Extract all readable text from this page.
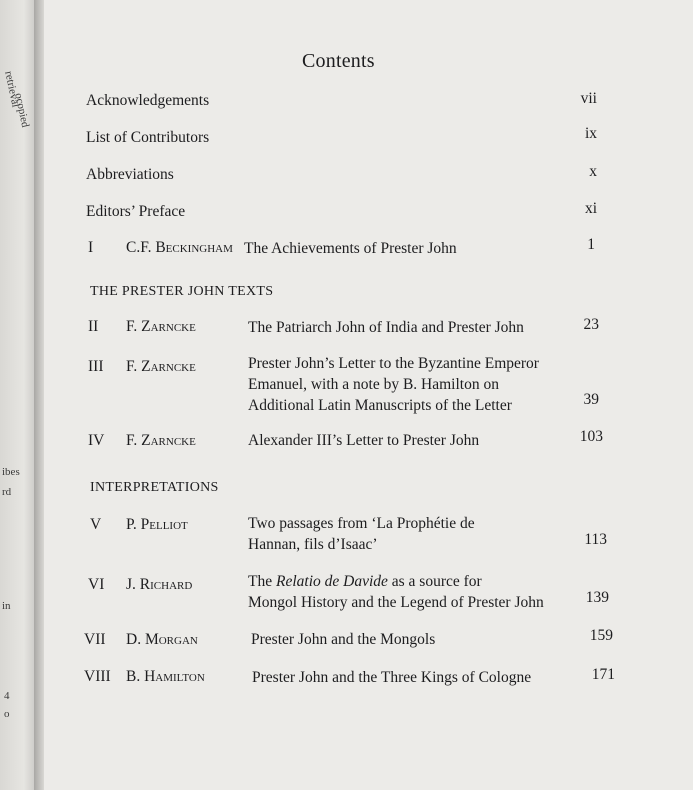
retrieval
ocopied
ibes
rd
in
4
o
Contents
Acknowledgements	vii
List of Contributors	ix
Abbreviations	x
Editors’ Preface	xi
I C.F. Beckingham The Achievements of Prester John	1
THE PRESTER JOHN TEXTS
II F. Zarncke	The Patriarch John of India and Prester John	23
III F. Zarncke	Prester John’s Letter to the Byzantine Emperor
Emanuel, with a note by B. Hamilton on
Additional Latin Manuscripts of the Letter	39
IV F. Zarncke	Alexander III’s Letter to Prester John	103
INTERPRETATIONS
V P. Pelliot	Two passages from ‘La Prophétie de
Hannan, fils d’Isaac’	113
VI J. Richard	The Relatio de Davide as a source for
Mongol History and the Legend of Prester John	139
VII D. Morgan	Prester John and the Mongols	159
VIII B. Hamilton	Prester John and the Three Kings of Cologne	171
